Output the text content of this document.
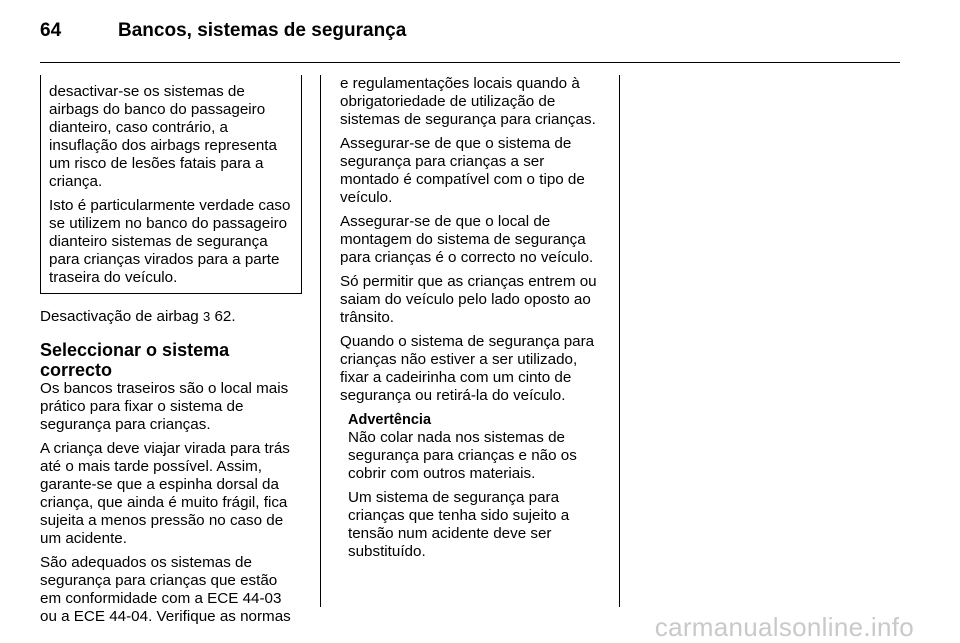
64	Bancos, sistemas de segurança

desactivar-se os sistemas de airbags do banco do passageiro dianteiro, caso contrário, a insuflação dos airbags representa um risco de lesões fatais para a criança.

Isto é particularmente verdade caso se utilizem no banco do passageiro dianteiro sistemas de segurança para crianças virados para a parte traseira do veículo.

Desactivação de airbag 3 62.

Seleccionar o sistema correcto

Os bancos traseiros são o local mais prático para fixar o sistema de segurança para crianças.

A criança deve viajar virada para trás até o mais tarde possível. Assim, garante-se que a espinha dorsal da criança, que ainda é muito frágil, fica sujeita a menos pressão no caso de um acidente.

São adequados os sistemas de segurança para crianças que estão em conformidade com a ECE 44-03 ou a ECE 44-04. Verifique as normas

e regulamentações locais quando à obrigatoriedade de utilização de sistemas de segurança para crianças.

Assegurar-se de que o sistema de segurança para crianças a ser montado é compatível com o tipo de veículo.

Assegurar-se de que o local de montagem do sistema de segurança para crianças é o correcto no veículo.

Só permitir que as crianças entrem ou saiam do veículo pelo lado oposto ao trânsito.

Quando o sistema de segurança para crianças não estiver a ser utilizado, fixar a cadeirinha com um cinto de segurança ou retirá-la do veículo.

Advertência

Não colar nada nos sistemas de segurança para crianças e não os cobrir com outros materiais.

Um sistema de segurança para crianças que tenha sido sujeito a tensão num acidente deve ser substituído.

carmanualsonline.info
